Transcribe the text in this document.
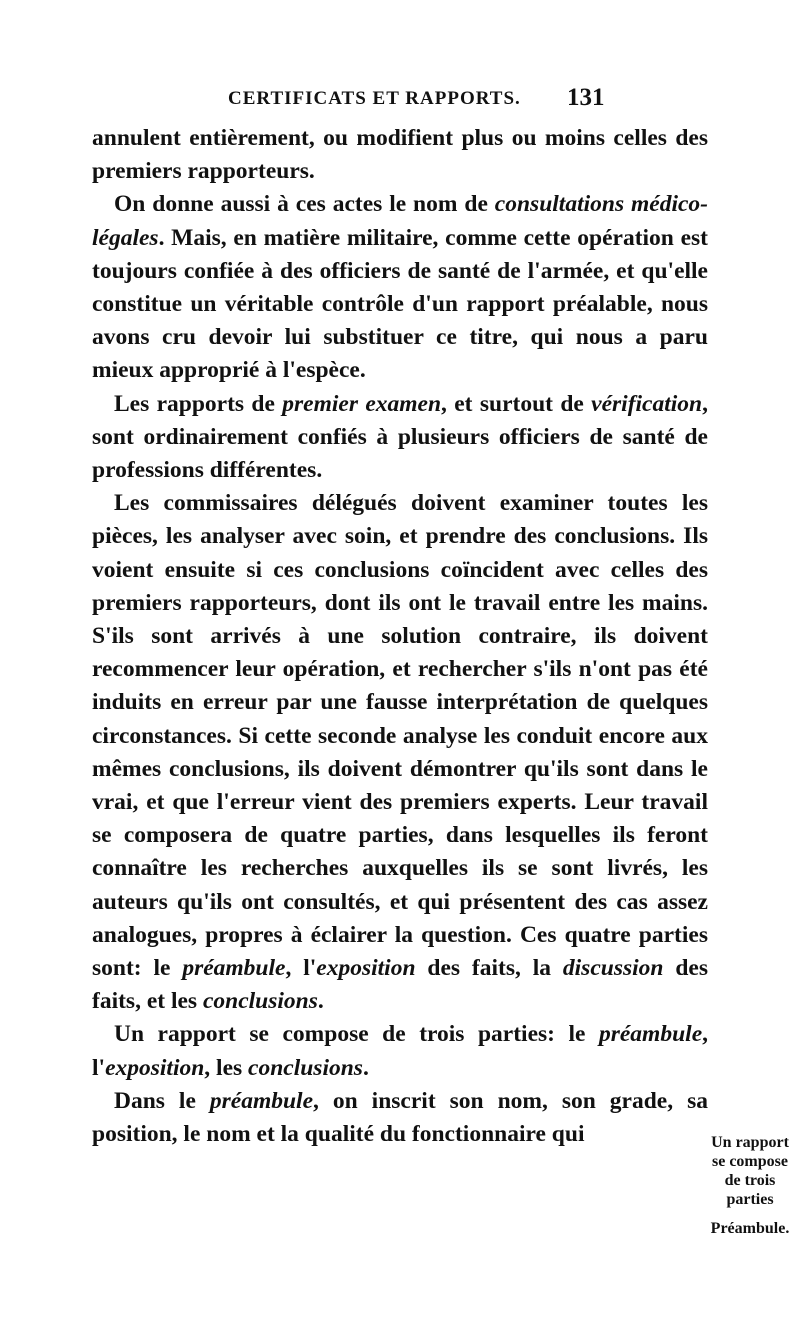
CERTIFICATS ET RAPPORTS. 131

annulent entièrement, ou modifient plus ou moins celles des premiers rapporteurs.

On donne aussi à ces actes le nom de consultations médico-légales. Mais, en matière militaire, comme cette opération est toujours confiée à des officiers de santé de l'armée, et qu'elle constitue un véritable contrôle d'un rapport préalable, nous avons cru devoir lui substituer ce titre, qui nous a paru mieux approprié à l'espèce.

Les rapports de premier examen, et surtout de vérification, sont ordinairement confiés à plusieurs officiers de santé de professions différentes.

Les commissaires délégués doivent examiner toutes les pièces, les analyser avec soin, et prendre des conclusions. Ils voient ensuite si ces conclusions coïncident avec celles des premiers rapporteurs, dont ils ont le travail entre les mains. S'ils sont arrivés à une solution contraire, ils doivent recommencer leur opération, et rechercher s'ils n'ont pas été induits en erreur par une fausse interprétation de quelques circonstances. Si cette seconde analyse les conduit encore aux mêmes conclusions, ils doivent démontrer qu'ils sont dans le vrai, et que l'erreur vient des premiers experts. Leur travail se composera de quatre parties, dans lesquelles ils feront connaître les recherches auxquelles ils se sont livrés, les auteurs qu'ils ont consultés, et qui présentent des cas assez analogues, propres à éclairer la question. Ces quatre parties sont: le préambule, l'exposition des faits, la discussion des faits, et les conclusions.

Un rapport se compose de trois parties: le préambule, l'exposition, les conclusions.

Dans le préambule, on inscrit son nom, son grade, sa position, le nom et la qualité du fonctionnaire qui	Un rapport
se compose
de trois parties
Préambule.
